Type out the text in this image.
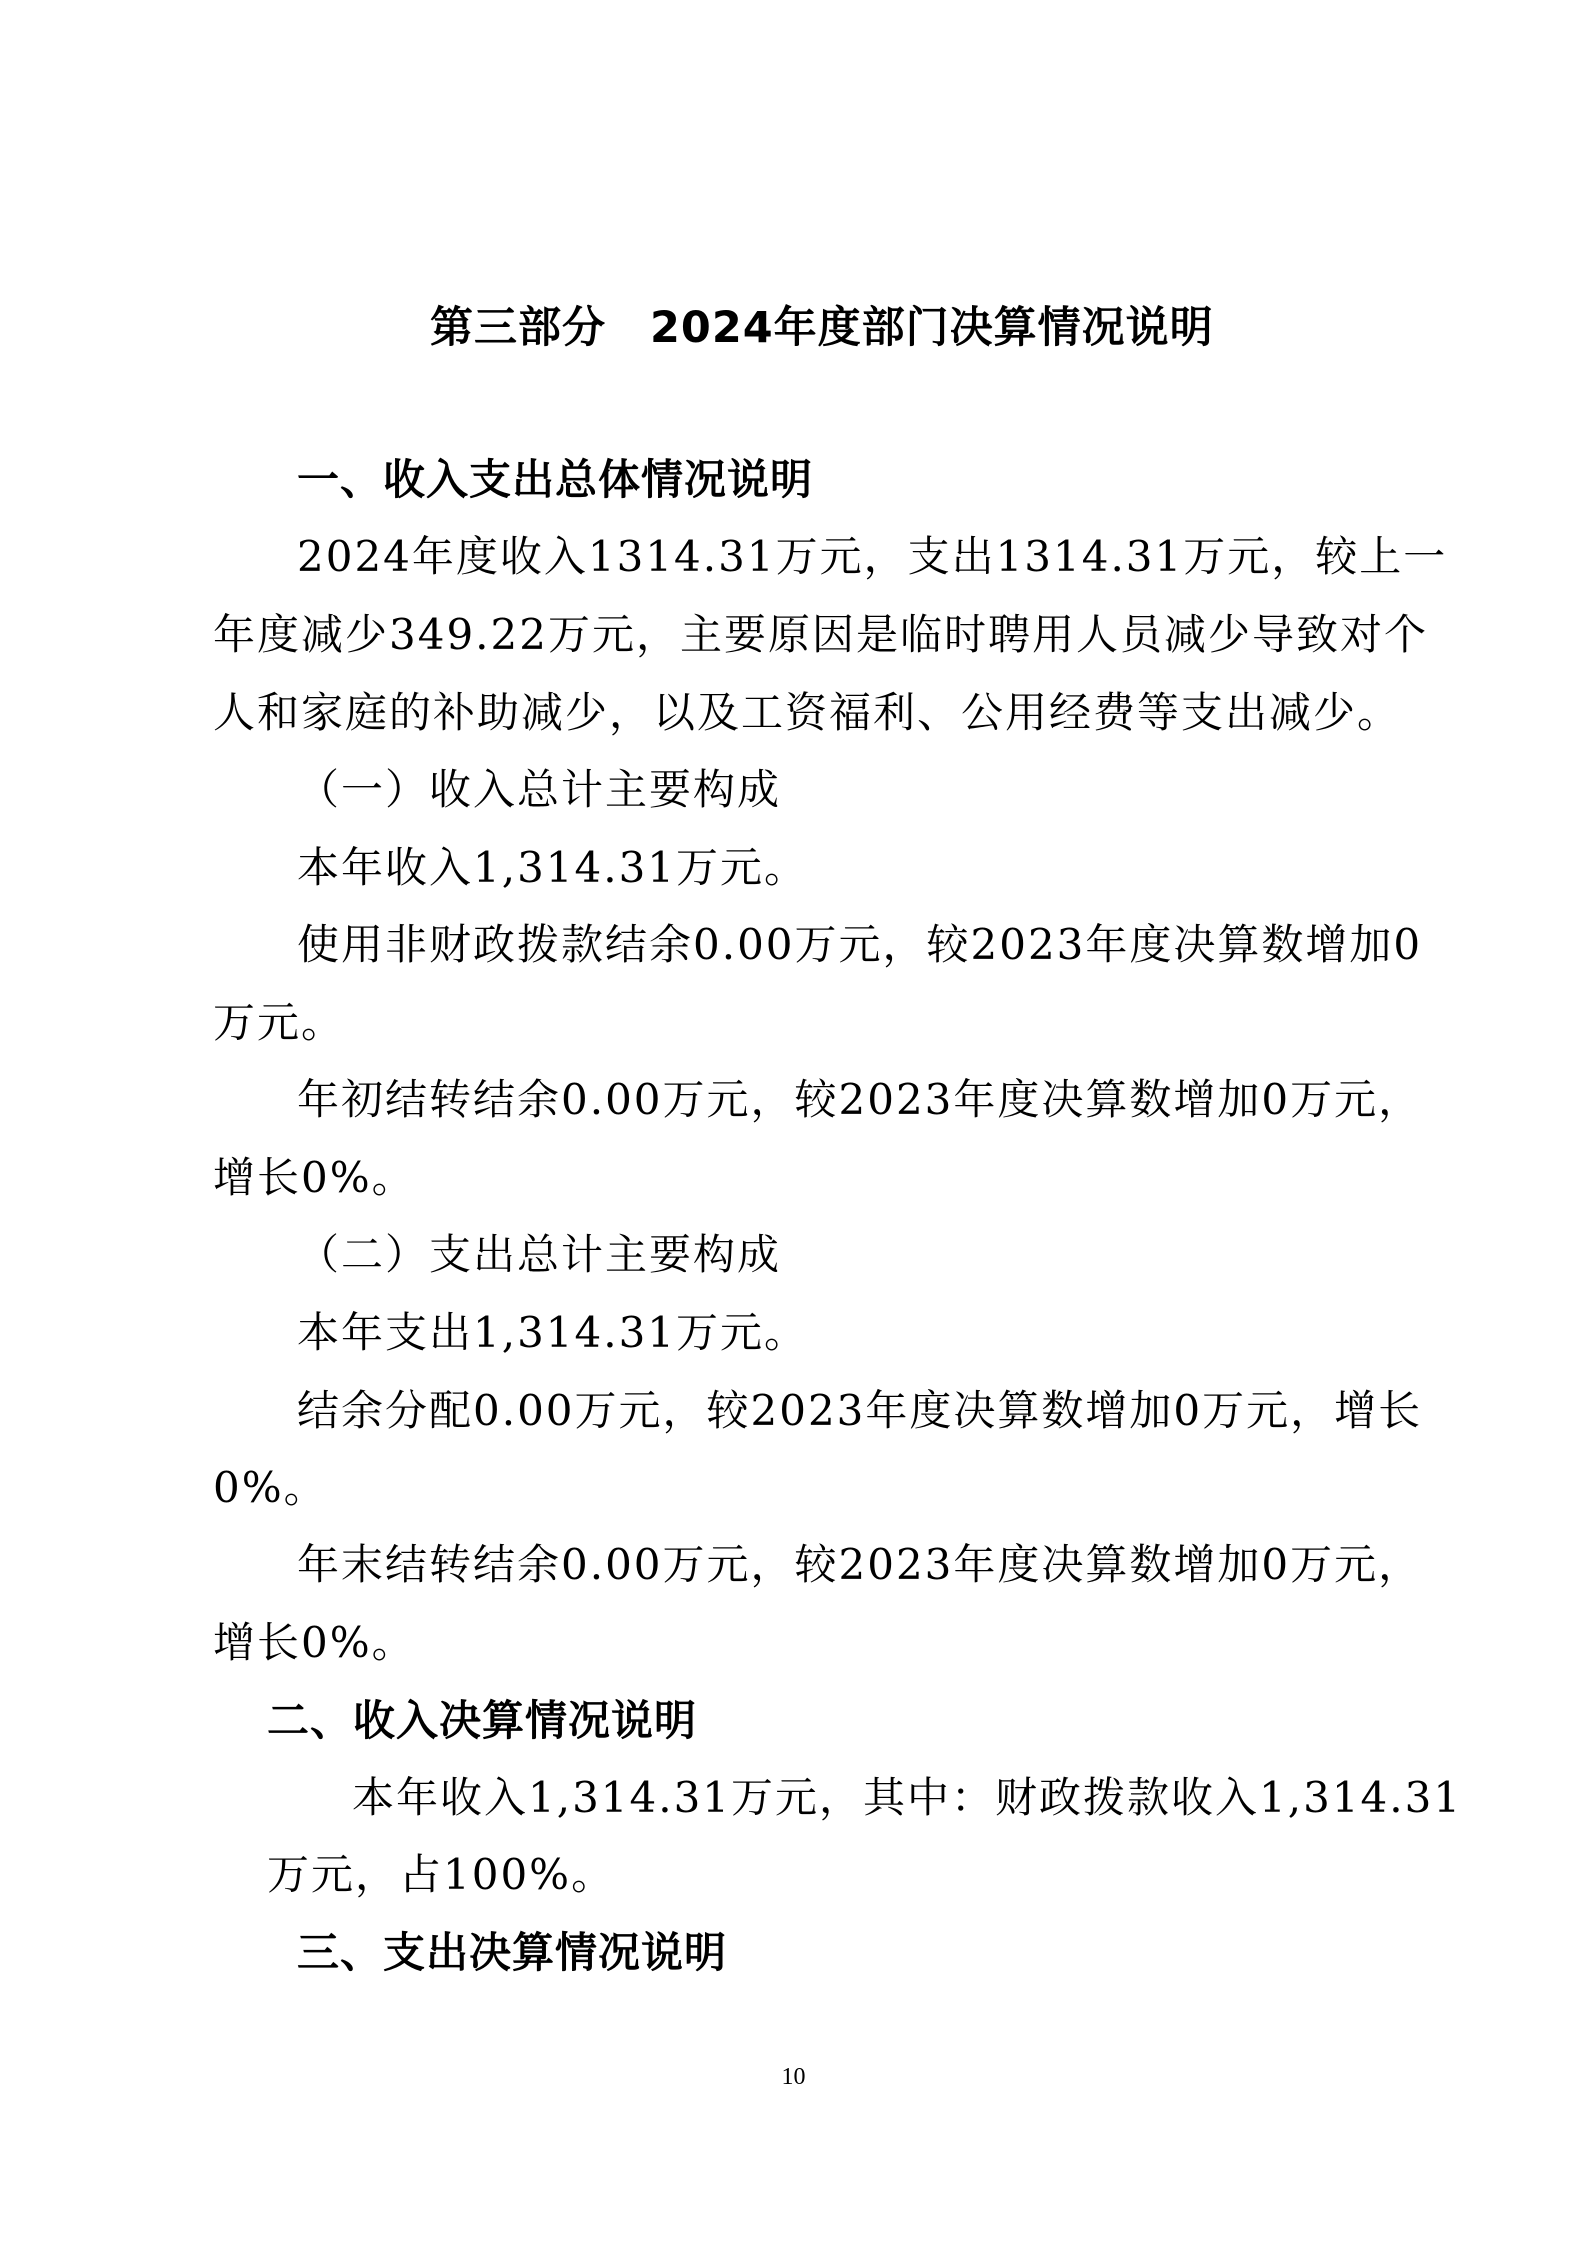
第三部分　2024年度部门决算情况说明
一、收入支出总体情况说明
2024年度收入1314.31万元，支出1314.31万元，较上一
年度减少349.22万元，主要原因是临时聘用人员减少导致对个
人和家庭的补助减少，以及工资福利、公用经费等支出减少。
（一）收入总计主要构成
本年收入1,314.31万元。
使用非财政拨款结余0.00万元，较2023年度决算数增加0
万元。
年初结转结余0.00万元，较2023年度决算数增加0万元，
增长0%。
（二）支出总计主要构成
本年支出1,314.31万元。
结余分配0.00万元，较2023年度决算数增加0万元，增长
0%。
年末结转结余0.00万元，较2023年度决算数增加0万元，
增长0%。
二、收入决算情况说明
本年收入1,314.31万元，其中：财政拨款收入1,314.31
万元，占100%。
三、支出决算情况说明
10
